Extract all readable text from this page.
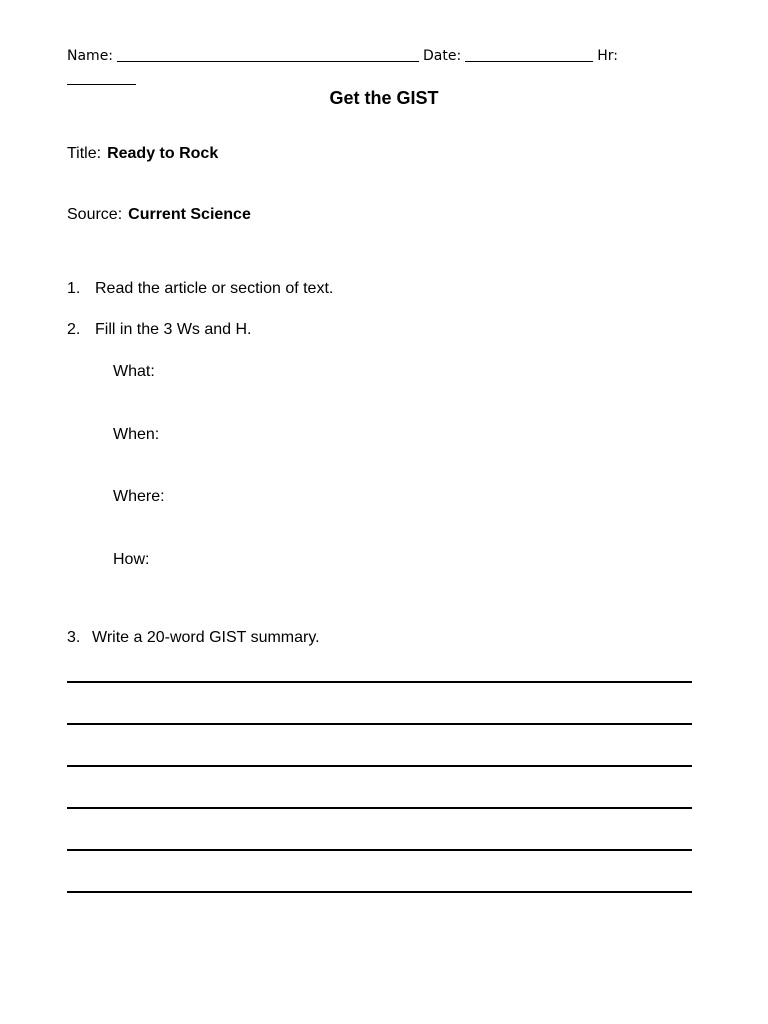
Name:	Date:	Hr:
Get the GIST
Title: Ready to Rock
Source: Current Science
1. Read the article or section of text.
2. Fill in the 3 Ws and H.
What:
When:
Where:
How:
3. Write a 20-word GIST summary.
